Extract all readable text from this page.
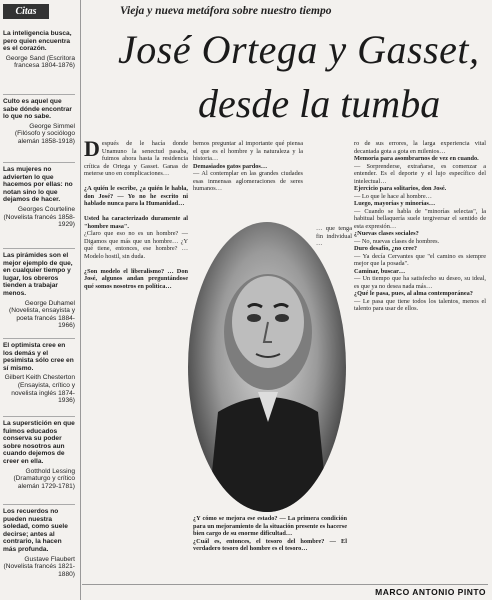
Citas
La inteligencia busca, pero quien encuentra es el corazón.
George Sand (Escritora francesa 1804-1876)
Culto es aquel que sabe dónde encontrar lo que no sabe.
George Simmel (Filósofo y sociólogo alemán 1858-1918)
Las mujeres no advierten lo que hacemos por ellas: no notan sino lo que dejamos de hacer.
Georges Courteline (Novelista francés 1858-1929)
Las pirámides son el mejor ejemplo de que, en cualquier tiempo y lugar, los obreros tienden a trabajar menos.
George Duhamel (Novelista, ensayista y poeta francés 1884-1966)
El optimista cree en los demás y el pesimista sólo cree en sí mismo.
Gilbert Keith Chesterton (Ensayista, crítico y novelista inglés 1874-1936)
La superstición en que fuimos educados conserva su poder sobre nosotros aun cuando dejemos de creer en ella.
Gotthold Lessing (Dramaturgo y crítico alemán 1729-1781)
Los recuerdos no pueden nuestra soledad, como suele decirse; antes al contrario, la hacen más profunda.
Gustave Flaubert (Novelista francés 1821-1880)
Vieja y nueva metáfora sobre nuestro tiempo
José Ortega y Gasset,
desde la tumba
D espués de le hacía donde Unamuno la senectud pasaba, fuimos ahora hasta la residencia crítica de Ortega y Gasset. Ganas de meterse uno en complicaciones…

¿A quién le escribe, ¿a quién le habla, don José? — Yo no he escrito ni hablado nunca para la Humanidad…

Usted ha caracterizado duramente al "hombre masa".
¿Claro que eso no es un hombre? — Digamos que más que un hombre… ¿Y qué tiene, entonces, ese hombre? … Modelo hostil, sin duda.

¿Son modelo el liberalismo? … Don José, algunos andan preguntándose qué somos nosotros en política…
bemos preguntar al importante qué piensa el que es el hombre y la naturaleza y la historia…
Demasiados gatos pardos…
— Al contemplar en las grandes ciudades esas inmensas aglomeraciones de seres humanos…
… que tenga fin individual …
¿Y cómo se mejora ese estado? — La primera condición para un mejoramiento de la situación presente es hacerse bien cargo de su enorme dificultad…
¿Cuál es, entonces, el tesoro del hombre? — El verdadero tesoro del hombre es el tesoro…
ro de sus errores, la larga experiencia vital decantada gota a gota en milenios…
Memoria para asombrarnos de vez en cuando.
— Sorprenderse, extrañarse, es comenzar a entender. Es el deporte y el lujo específico del intelectual…
Ejercicio para solitarios, don José.
— Lo que le hace al hombre…
Luego, mayorías y minorías…
— Cuando se habla de "minorías selectas", la habitual bellaquería suele tergiversar el sentido de esta expresión…
¿Nuevas clases sociales?
— No, nuevas clases de hombres.
Duro desafío, ¿no cree?
— Ya decía Cervantes que "el camino es siempre mejor que la posada".
Caminar, buscar…
— Un tiempo que ha satisfecho su deseo, su ideal, es que ya no desea nada más…
¿Qué le pasa, pues, al alma contemporánea?
— Le pasa que tiene todos los talentos, menos el talento para usar de ellos.
MARCO ANTONIO PINTO
